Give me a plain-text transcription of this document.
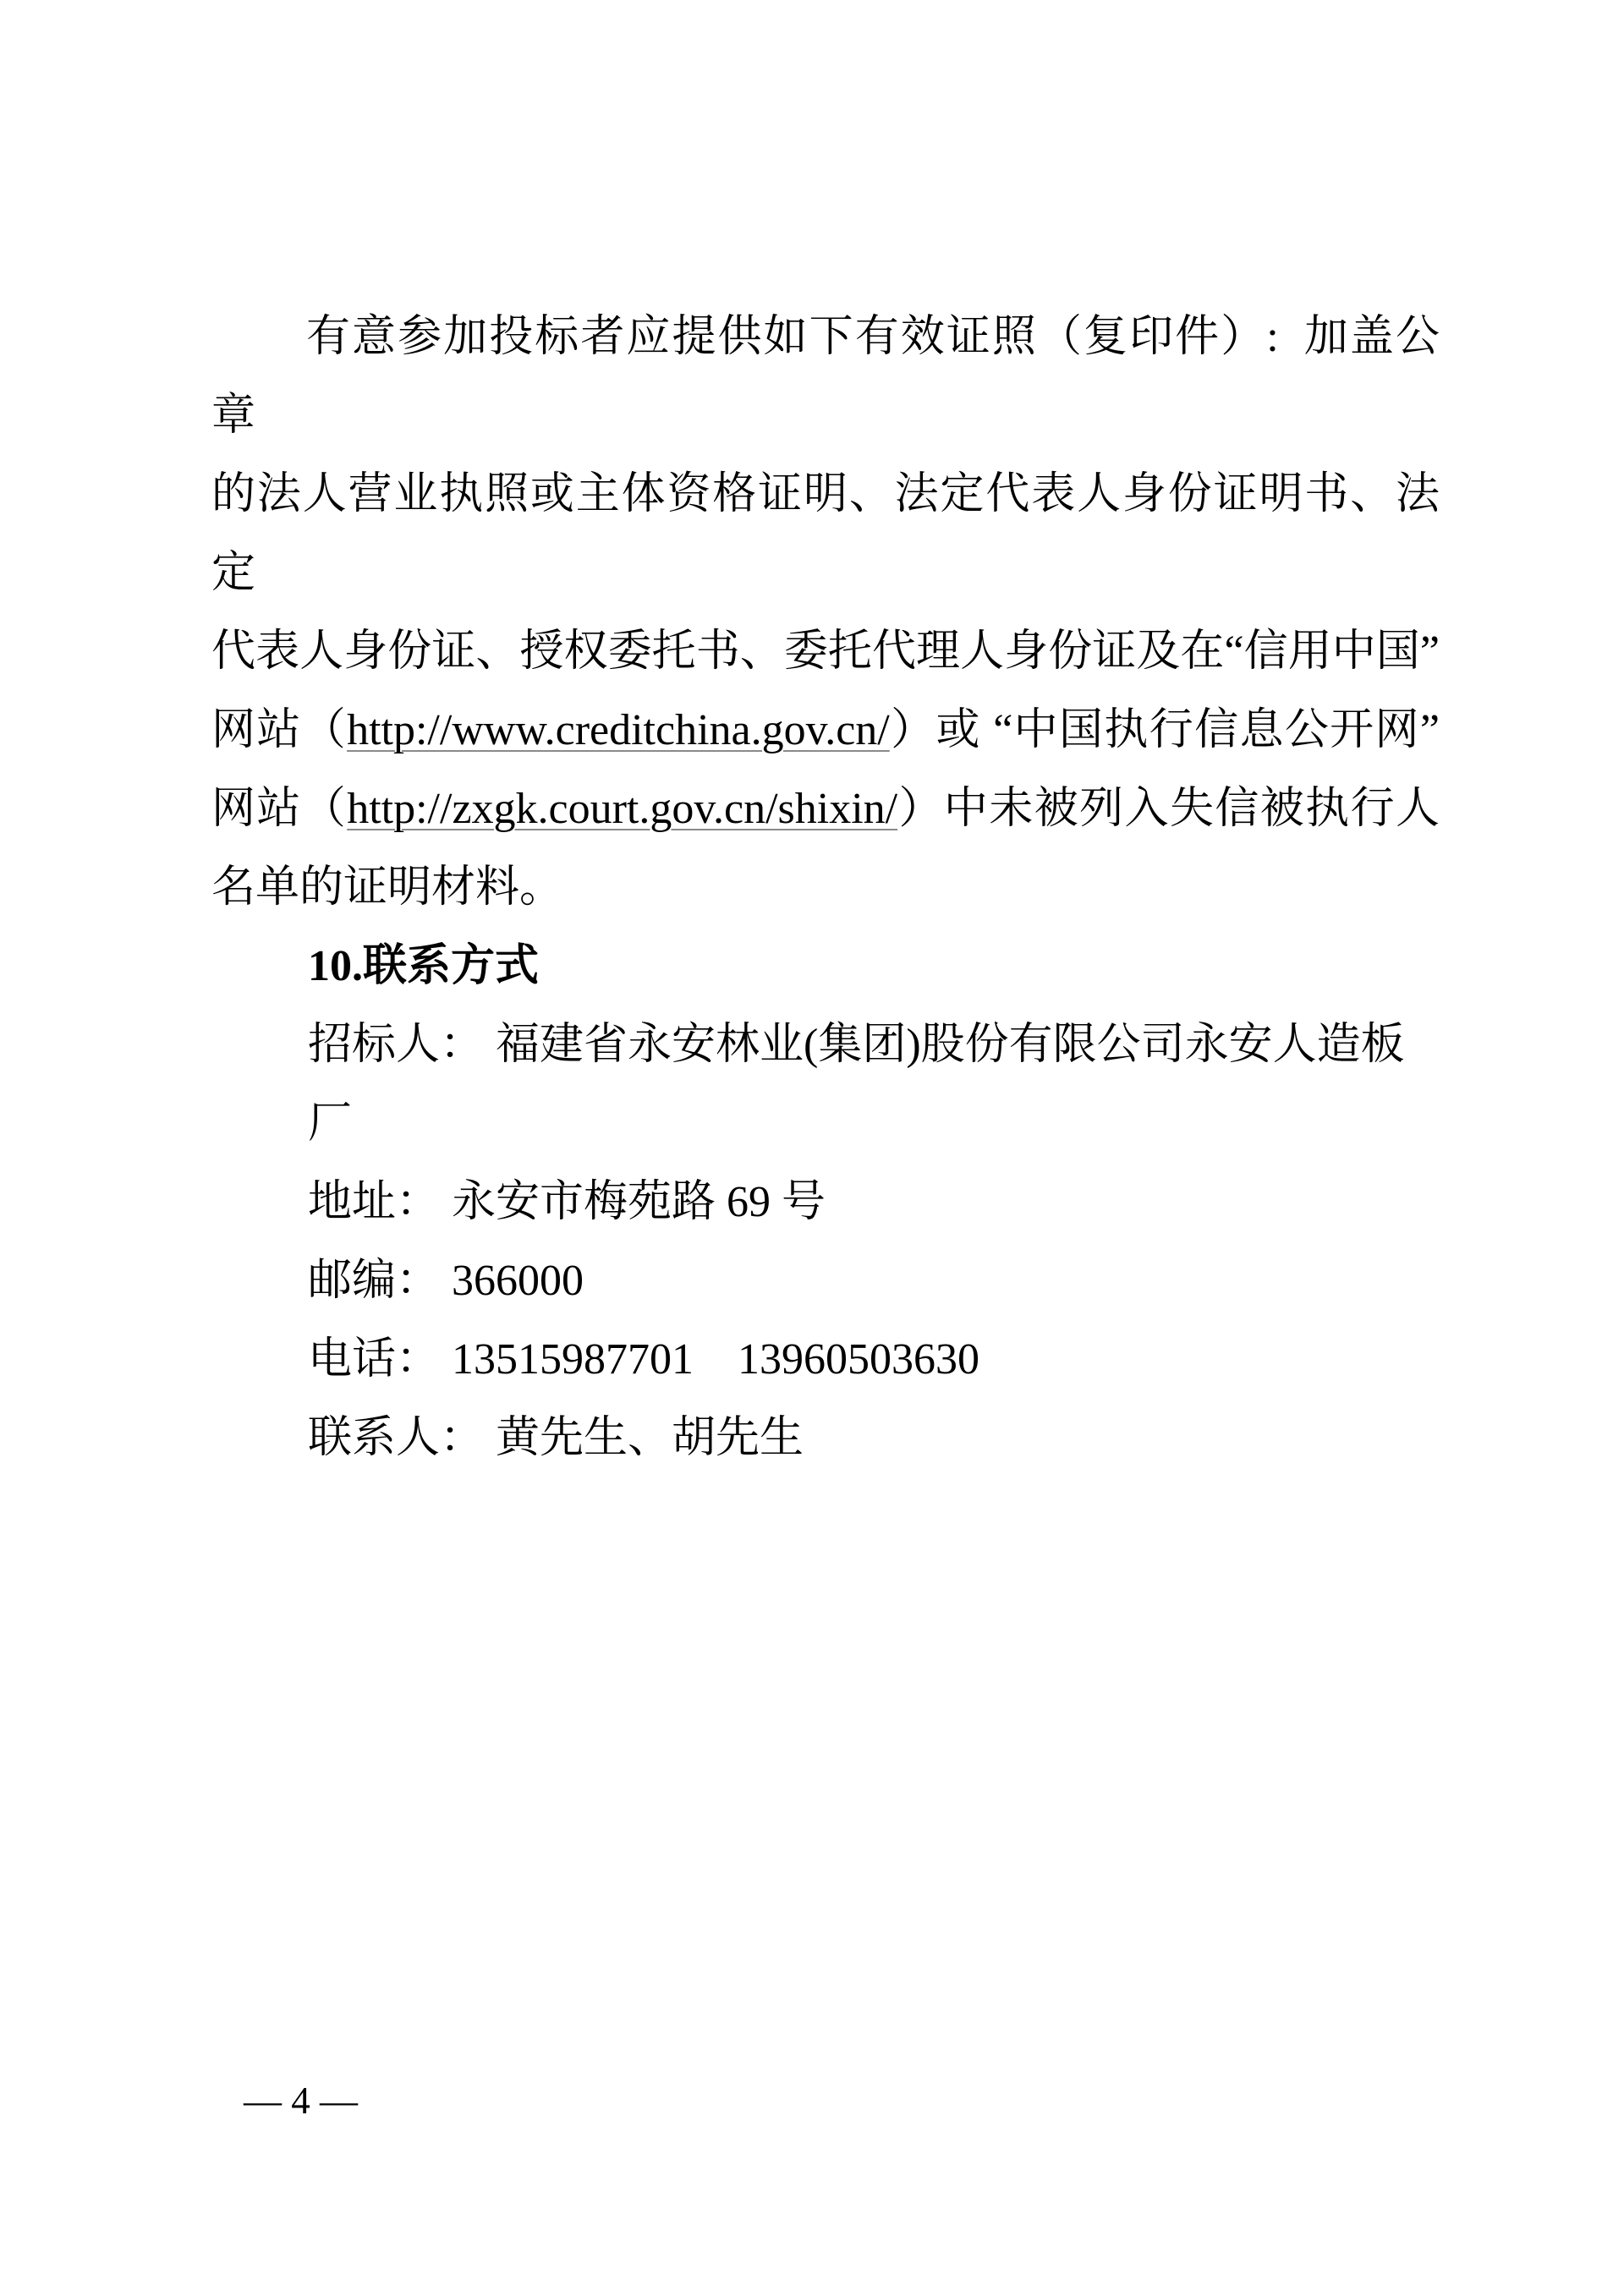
有意参加投标者应提供如下有效证照（复印件）:  加盖公章

的法人营业执照或主体资格证明、法定代表人身份证明书、法定

代表人身份证、授权委托书、委托代理人身份证及在“信用中国”

网站（http://www.creditchina.gov.cn/）或 “中国执行信息公开网”

网站（http://zxgk.court.gov.cn/shixin/）中未被列入失信被执行人

名单的证明材料。

10.联系方式

招标人： 福建省永安林业(集团)股份有限公司永安人造板厂

地址： 永安市梅苑路 69 号

邮编： 366000

电话： 13515987701　13960503630

联系人： 黄先生、胡先生

— 4 —
